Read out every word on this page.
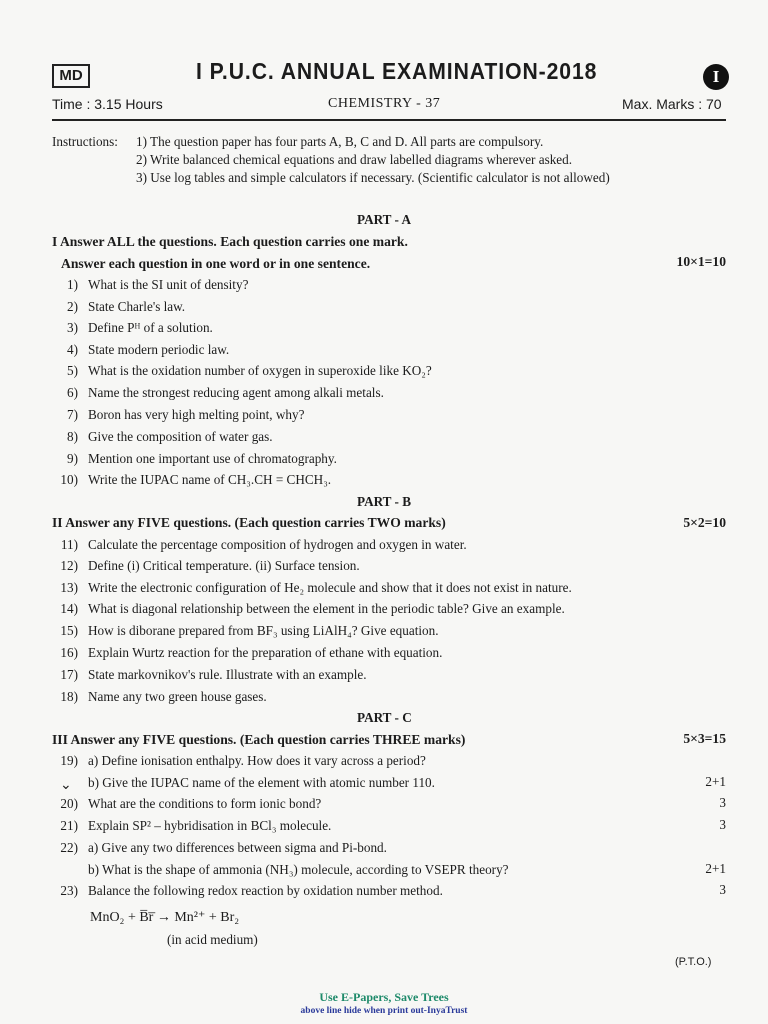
MD	I P.U.C. ANNUAL EXAMINATION-2018	I
Time : 3.15 Hours	CHEMISTRY - 37	Max. Marks : 70
Instructions: 1) The question paper has four parts A, B, C and D. All parts are compulsory.
2) Write balanced chemical equations and draw labelled diagrams wherever asked.
3) Use log tables and simple calculators if necessary. (Scientific calculator is not allowed)
PART - A
I Answer ALL the questions. Each question carries one mark.
Answer each question in one word or in one sentence.	10×1=10
1) What is the SI unit of density?
2) State Charle's law.
3) Define Pᴴ of a solution.
4) State modern periodic law.
5) What is the oxidation number of oxygen in superoxide like KO₂?
6) Name the strongest reducing agent among alkali metals.
7) Boron has very high melting point, why?
8) Give the composition of water gas.
9) Mention one important use of chromatography.
10) Write the IUPAC name of CH₃.CH = CHCH₃.
PART - B
II Answer any FIVE questions. (Each question carries TWO marks)	5×2=10
11) Calculate the percentage composition of hydrogen and oxygen in water.
12) Define (i) Critical temperature. (ii) Surface tension.
13) Write the electronic configuration of He₂ molecule and show that it does not exist in nature.
14) What is diagonal relationship between the element in the periodic table? Give an example.
15) How is diborane prepared from BF₃ using LiAlH₄? Give equation.
16) Explain Wurtz reaction for the preparation of ethane with equation.
17) State markovnikov's rule. Illustrate with an example.
18) Name any two green house gases.
PART - C
III Answer any FIVE questions. (Each question carries THREE marks)	5×3=15
19) a) Define ionisation enthalpy. How does it vary across a period?
⌄ b) Give the IUPAC name of the element with atomic number 110.	2+1
20) What are the conditions to form ionic bond?	3
21) Explain SP² – hybridisation in BCl₃ molecule.	3
22) a) Give any two differences between sigma and Pi-bond.
b) What is the shape of ammonia (NH₃) molecule, according to VSEPR theory?	2+1
23) Balance the following redox reaction by oxidation number method.	3
MnO₂ + B̅r̅ → Mn²⁺ + Br₂
(in acid medium)
(P.T.O.)
Use E-Papers, Save Trees
above line hide when print out-InyaTrust
